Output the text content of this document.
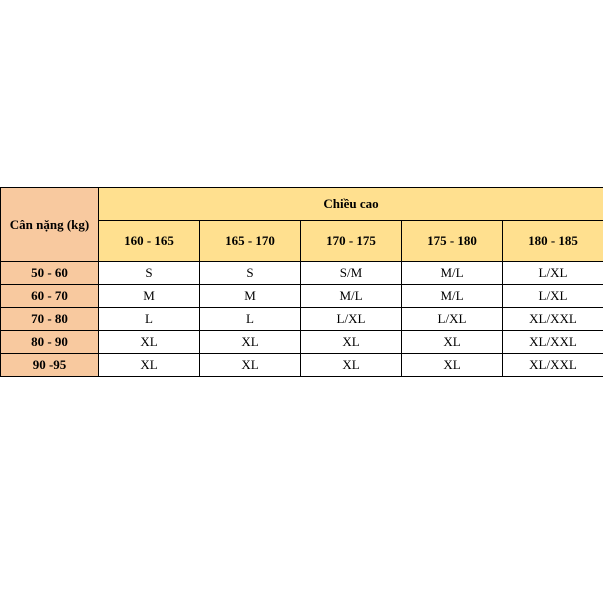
Cân nặng (kg)	Chiều cao				
	160 - 165	165 - 170	170 - 175	175 - 180	180 - 185
50 - 60	S	S	S/M	M/L	L/XL
60 - 70	M	M	M/L	M/L	L/XL
70 - 80	L	L	L/XL	L/XL	XL/XXL
80 - 90	XL	XL	XL	XL	XL/XXL
90 -95	XL	XL	XL	XL	XL/XXL
